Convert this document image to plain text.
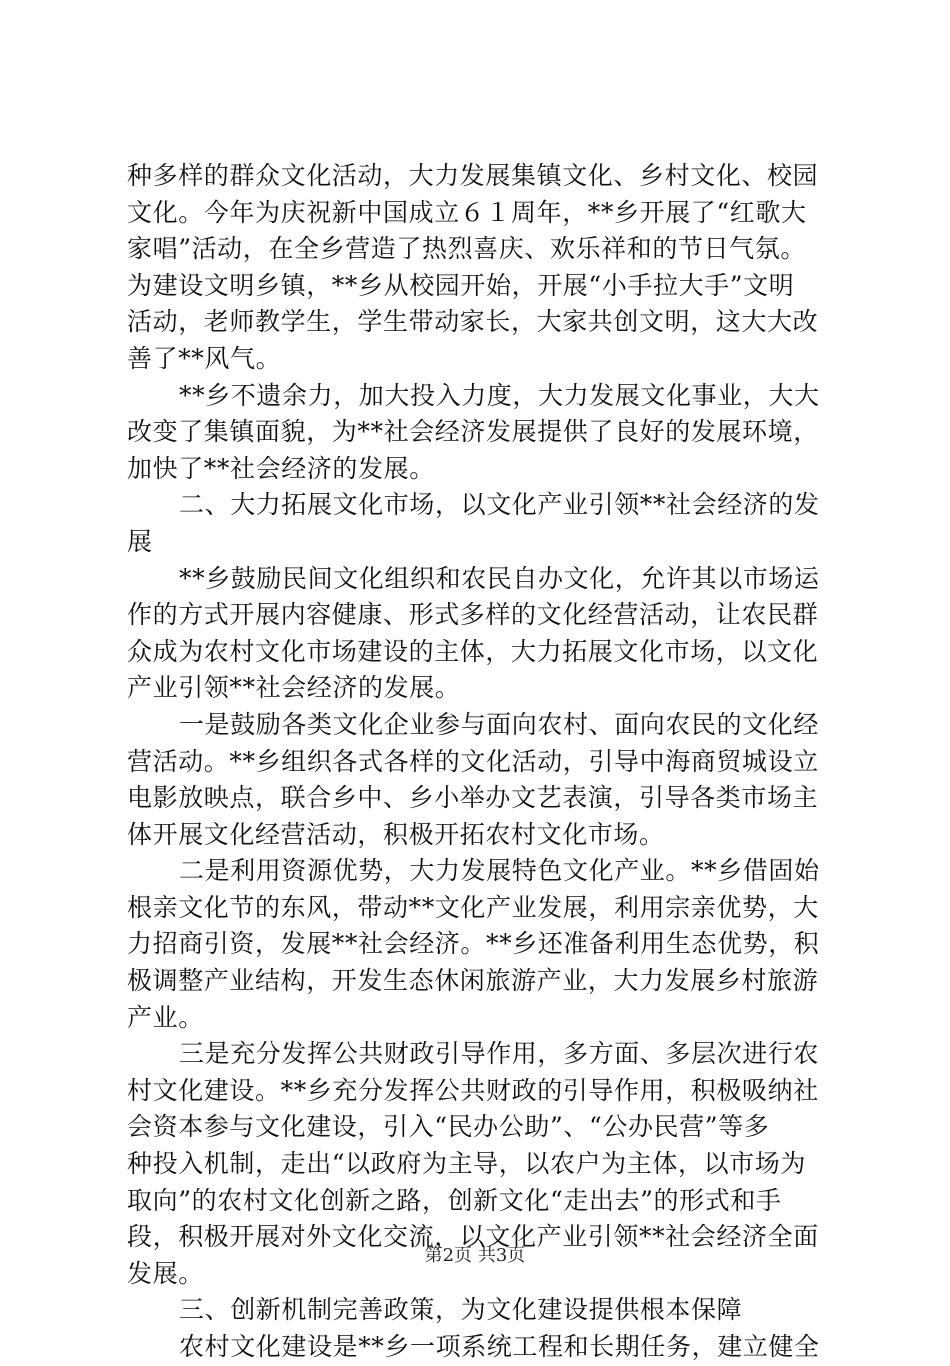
种多样的群众文化活动，大力发展集镇文化、乡村文化、校园
文化。今年为庆祝新中国成立６１周年，**乡开展了“红歌大
家唱”活动，在全乡营造了热烈喜庆、欢乐祥和的节日气氛。
为建设文明乡镇，**乡从校园开始，开展“小手拉大手”文明
活动，老师教学生，学生带动家长，大家共创文明，这大大改
善了**风气。
**乡不遗余力，加大投入力度，大力发展文化事业，大大
改变了集镇面貌，为**社会经济发展提供了良好的发展环境，
加快了**社会经济的发展。
二、大力拓展文化市场，以文化产业引领**社会经济的发
展
**乡鼓励民间文化组织和农民自办文化，允许其以市场运
作的方式开展内容健康、形式多样的文化经营活动，让农民群
众成为农村文化市场建设的主体，大力拓展文化市场，以文化
产业引领**社会经济的发展。
一是鼓励各类文化企业参与面向农村、面向农民的文化经
营活动。**乡组织各式各样的文化活动，引导中海商贸城设立
电影放映点，联合乡中、乡小举办文艺表演，引导各类市场主
体开展文化经营活动，积极开拓农村文化市场。
二是利用资源优势，大力发展特色文化产业。**乡借固始
根亲文化节的东风，带动**文化产业发展，利用宗亲优势，大
力招商引资，发展**社会经济。**乡还准备利用生态优势，积
极调整产业结构，开发生态休闲旅游产业，大力发展乡村旅游
产业。
三是充分发挥公共财政引导作用，多方面、多层次进行农
村文化建设。**乡充分发挥公共财政的引导作用，积极吸纳社
会资本参与文化建设，引入“民办公助”、“公办民营”等多
种投入机制，走出“以政府为主导，以农户为主体，以市场为
取向”的农村文化创新之路，创新文化“走出去”的形式和手
段，积极开展对外文化交流，以文化产业引领**社会经济全面
发展。
三、创新机制完善政策，为文化建设提供根本保障
农村文化建设是**乡一项系统工程和长期任务，建立健全
第2页 共3页
